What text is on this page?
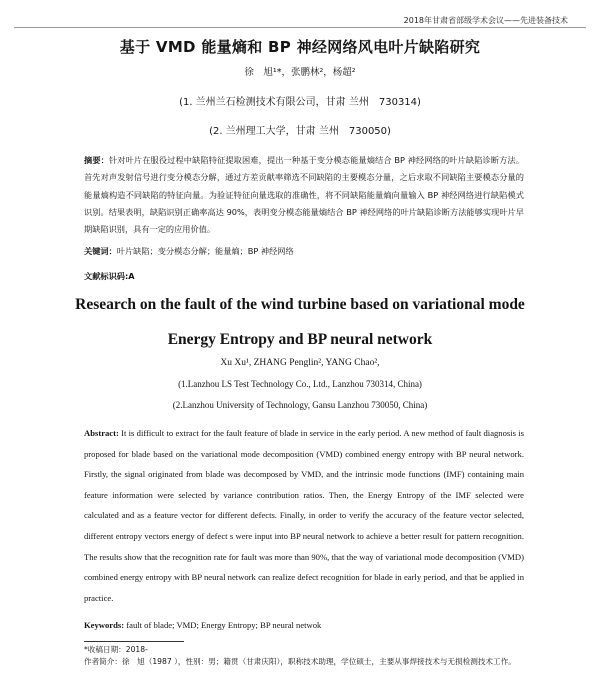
2018年甘肃省部级学术会议——先进装备技术
基于 VMD 能量熵和 BP 神经网络风电叶片缺陷研究
徐　旭¹*，张鹏林²，杨超²
(1. 兰州兰石检测技术有限公司，甘肃 兰州　730314)
(2. 兰州理工大学，甘肃 兰州　730050)
摘要：针对叶片在服役过程中缺陷特征提取困难，提出一种基于变分模态能量熵结合 BP 神经网络的叶片缺陷诊断方法。首先对声发射信号进行变分模态分解，通过方差贡献率筛选不同缺陷的主要模态分量，之后求取不同缺陷主要模态分量的能量熵构造不同缺陷的特征向量。为验证特征向量选取的准确性，将不同缺陷能量熵向量输入 BP 神经网络进行缺陷模式识别。结果表明，缺陷识别正确率高达 90%，表明变分模态能量熵结合 BP 神经网络的叶片缺陷诊断方法能够实现叶片早期缺陷识别，具有一定的应用价值。
关键词：叶片缺陷；变分模态分解；能量熵；BP 神经网络
文献标识码:A
Research on the fault of the wind turbine based on variational mode
Energy Entropy and BP neural network
Xu Xu¹, ZHANG Penglin², YANG Chao²,
(1.Lanzhou LS Test Technology Co., Ltd., Lanzhou 730314, China)
(2.Lanzhou University of Technology, Gansu Lanzhou 730050, China)
Abstract: It is difficult to extract for the fault feature of blade in service in the early period. A new method of fault diagnosis is proposed for blade based on the variational mode decomposition (VMD) combined energy entropy with BP neural network. Firstly, the signal originated from blade was decomposed by VMD, and the intrinsic mode functions (IMF) containing main feature information were selected by variance contribution ratios. Then, the Energy Entropy of the IMF selected were calculated and as a feature vector for different defects. Finally, in order to verify the accuracy of the feature vector selected, different entropy vectors energy of defect s were input into BP neural network to achieve a better result for pattern recognition. The results show that the recognition rate for fault was more than 90%, that the way of variational mode decomposition (VMD) combined energy entropy with BP neural network can realize defect recognition for blade in early period, and that be applied in practice.
Keywords: fault of blade; VMD; Energy Entropy; BP neural netwok
*收稿日期：2018-
作者简介：徐　旭（1987 ），性别：男；籍贯（甘肃庆阳），职称技术助理，学位硕士，主要从事焊接技术与无损检测技术工作。
